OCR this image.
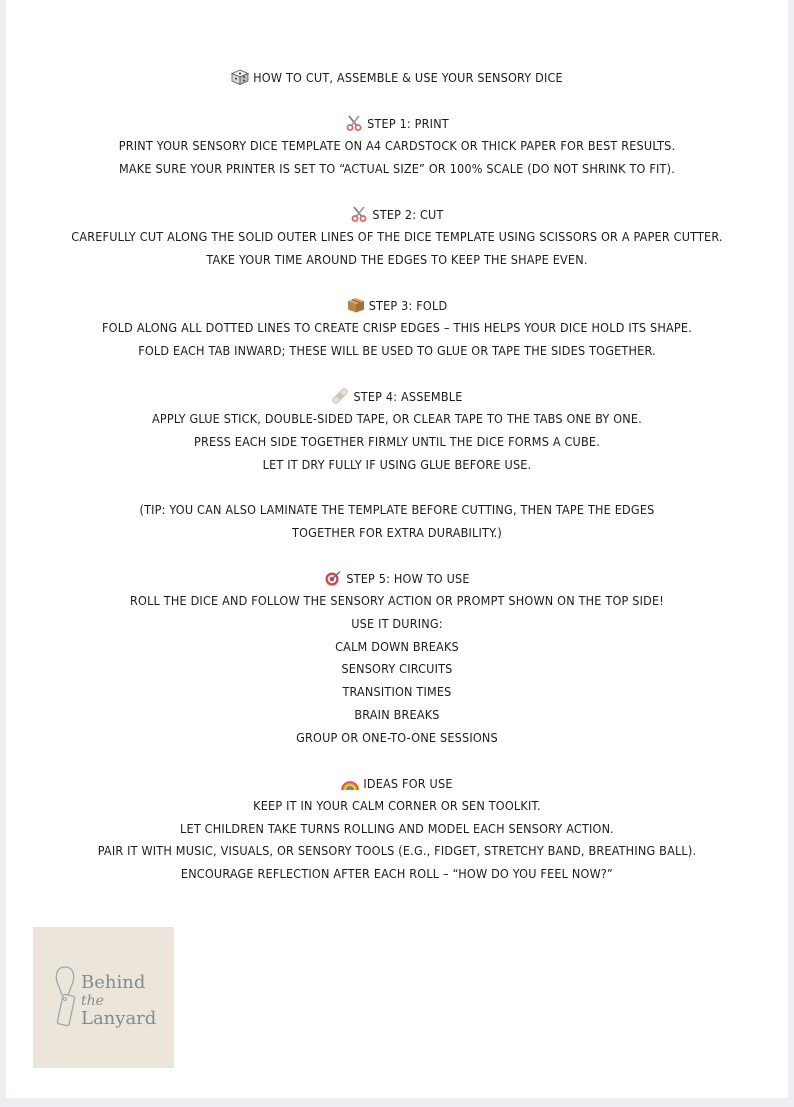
HOW TO CUT, ASSEMBLE & USE YOUR SENSORY DICE
STEP 1: PRINT
PRINT YOUR SENSORY DICE TEMPLATE ON A4 CARDSTOCK OR THICK PAPER FOR BEST RESULTS.
MAKE SURE YOUR PRINTER IS SET TO “ACTUAL SIZE” OR 100% SCALE (DO NOT SHRINK TO FIT).
STEP 2: CUT
CAREFULLY CUT ALONG THE SOLID OUTER LINES OF THE DICE TEMPLATE USING SCISSORS OR A PAPER CUTTER.
TAKE YOUR TIME AROUND THE EDGES TO KEEP THE SHAPE EVEN.
STEP 3: FOLD
FOLD ALONG ALL DOTTED LINES TO CREATE CRISP EDGES – THIS HELPS YOUR DICE HOLD ITS SHAPE.
FOLD EACH TAB INWARD; THESE WILL BE USED TO GLUE OR TAPE THE SIDES TOGETHER.
STEP 4: ASSEMBLE
APPLY GLUE STICK, DOUBLE-SIDED TAPE, OR CLEAR TAPE TO THE TABS ONE BY ONE.
PRESS EACH SIDE TOGETHER FIRMLY UNTIL THE DICE FORMS A CUBE.
LET IT DRY FULLY IF USING GLUE BEFORE USE.
(TIP: YOU CAN ALSO LAMINATE THE TEMPLATE BEFORE CUTTING, THEN TAPE THE EDGES
TOGETHER FOR EXTRA DURABILITY.)
STEP 5: HOW TO USE
ROLL THE DICE AND FOLLOW THE SENSORY ACTION OR PROMPT SHOWN ON THE TOP SIDE!
USE IT DURING:
CALM DOWN BREAKS
SENSORY CIRCUITS
TRANSITION TIMES
BRAIN BREAKS
GROUP OR ONE-TO-ONE SESSIONS
IDEAS FOR USE
KEEP IT IN YOUR CALM CORNER OR SEN TOOLKIT.
LET CHILDREN TAKE TURNS ROLLING AND MODEL EACH SENSORY ACTION.
PAIR IT WITH MUSIC, VISUALS, OR SENSORY TOOLS (E.G., FIDGET, STRETCHY BAND, BREATHING BALL).
ENCOURAGE REFLECTION AFTER EACH ROLL – “HOW DO YOU FEEL NOW?”
Behind
the
Lanyard
